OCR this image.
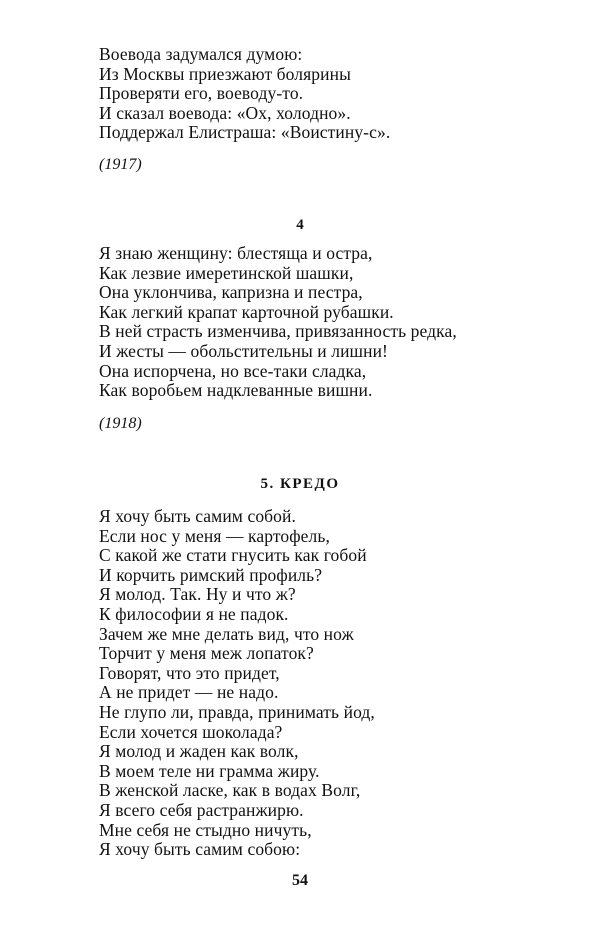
Воевода задумался думою:
Из Москвы приезжают болярины
Проверяти его, воеводу-то.
И сказал воевода: «Ох, холодно».
Поддержал Елистраша: «Воистину-с».
(1917)
4
Я знаю женщину: блестяща и остра,
Как лезвие имеретинской шашки,
Она уклончива, капризна и пестра,
Как легкий крапат карточной рубашки.
В ней страсть изменчива, привязанность редка,
И жесты — обольстительны и лишни!
Она испорчена, но все-таки сладка,
Как воробьем надклеванные вишни.
(1918)
5. КРЕДО
Я хочу быть самим собой.
Если нос у меня — картофель,
С какой же стати гнусить как гобой
И корчить римский профиль?
Я молод. Так. Ну и что ж?
К философии я не падок.
Зачем же мне делать вид, что нож
Торчит у меня меж лопаток?
Говорят, что это придет,
А не придет — не надо.
Не глупо ли, правда, принимать йод,
Если хочется шоколада?
Я молод и жаден как волк,
В моем теле ни грамма жиру.
В женской ласке, как в водах Волг,
Я всего себя растранжирю.
Мне себя не стыдно ничуть,
Я хочу быть самим собою:
54
